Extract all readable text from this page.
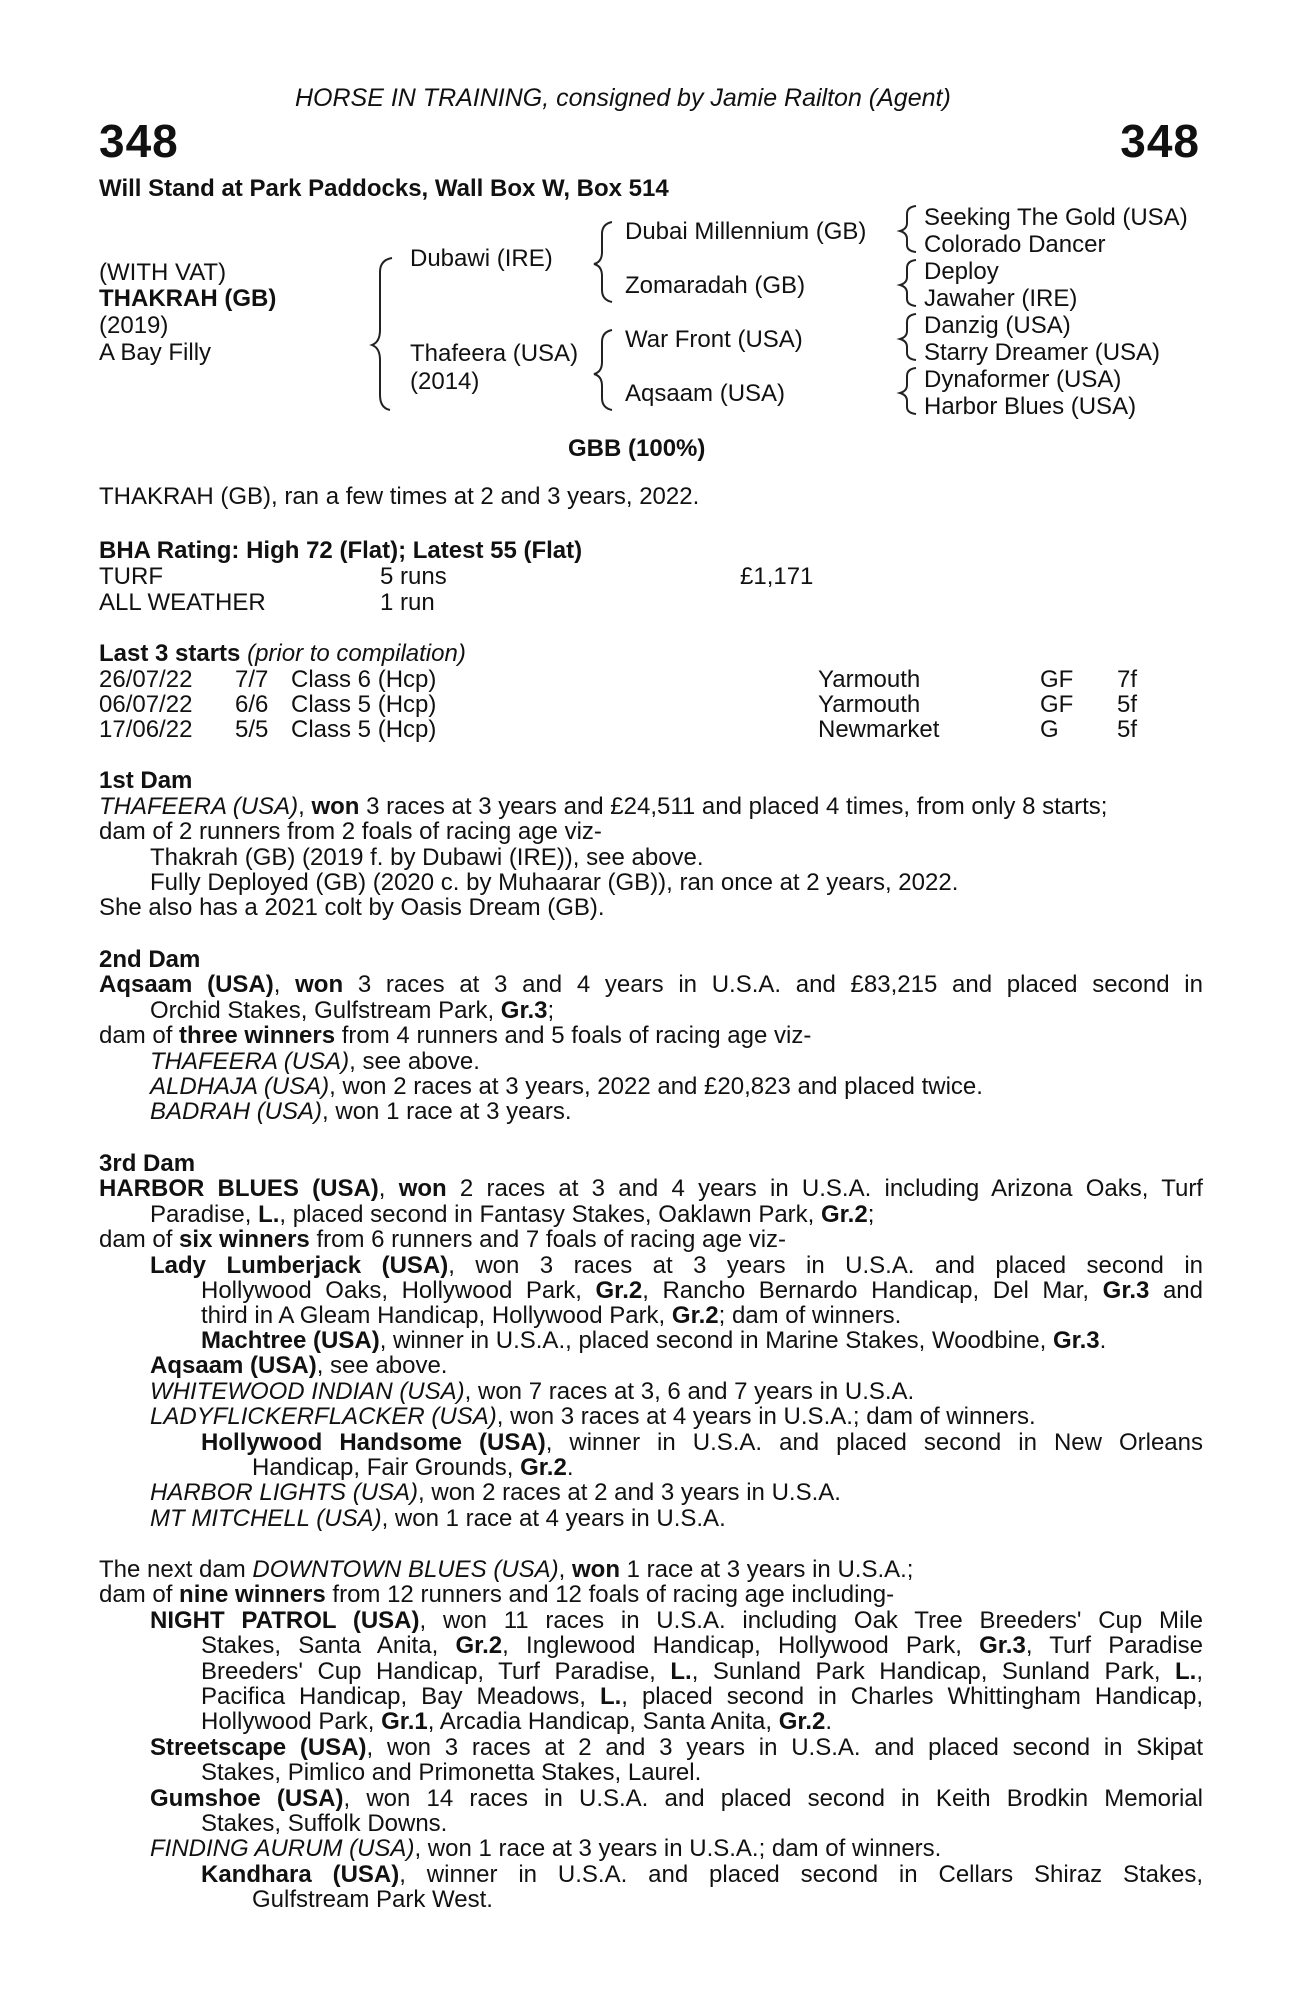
HORSE IN TRAINING, consigned by Jamie Railton (Agent)
348	348
Will Stand at Park Paddocks, Wall Box W, Box 514
(WITH VAT)
THAKRAH (GB)
(2019)
A Bay Filly
Dubawi (IRE)
Thafeera (USA)
(2014)
Dubai Millennium (GB)
Zomaradah (GB)
War Front (USA)
Aqsaam (USA)
Seeking The Gold (USA)
Colorado Dancer
Deploy
Jawaher (IRE)
Danzig (USA)
Starry Dreamer (USA)
Dynaformer (USA)
Harbor Blues (USA)
GBB (100%)
THAKRAH (GB), ran a few times at 2 and 3 years, 2022.
BHA Rating: High 72 (Flat); Latest 55 (Flat)
TURF	5 runs	£1,171
ALL WEATHER	1 run
Last 3 starts (prior to compilation)
26/07/22 7/7 Class 6 (Hcp)	Yarmouth	GF 7f
06/07/22 6/6 Class 5 (Hcp)	Yarmouth	GF 5f
17/06/22 5/5 Class 5 (Hcp)	Newmarket	G 5f
1st Dam
THAFEERA (USA), won 3 races at 3 years and £24,511 and placed 4 times, from only 8 starts;
dam of 2 runners from 2 foals of racing age viz-
Thakrah (GB) (2019 f. by Dubawi (IRE)), see above.
Fully Deployed (GB) (2020 c. by Muhaarar (GB)), ran once at 2 years, 2022.
She also has a 2021 colt by Oasis Dream (GB).
2nd Dam
Aqsaam (USA), won 3 races at 3 and 4 years in U.S.A. and £83,215 and placed second in
Orchid Stakes, Gulfstream Park, Gr.3;
dam of three winners from 4 runners and 5 foals of racing age viz-
THAFEERA (USA), see above.
ALDHAJA (USA), won 2 races at 3 years, 2022 and £20,823 and placed twice.
BADRAH (USA), won 1 race at 3 years.
3rd Dam
HARBOR BLUES (USA), won 2 races at 3 and 4 years in U.S.A. including Arizona Oaks, Turf
Paradise, L., placed second in Fantasy Stakes, Oaklawn Park, Gr.2;
dam of six winners from 6 runners and 7 foals of racing age viz-
Lady Lumberjack (USA), won 3 races at 3 years in U.S.A. and placed second in
Hollywood Oaks, Hollywood Park, Gr.2, Rancho Bernardo Handicap, Del Mar, Gr.3 and
third in A Gleam Handicap, Hollywood Park, Gr.2; dam of winners.
Machtree (USA), winner in U.S.A., placed second in Marine Stakes, Woodbine, Gr.3.
Aqsaam (USA), see above.
WHITEWOOD INDIAN (USA), won 7 races at 3, 6 and 7 years in U.S.A.
LADYFLICKERFLACKER (USA), won 3 races at 4 years in U.S.A.; dam of winners.
Hollywood Handsome (USA), winner in U.S.A. and placed second in New Orleans
Handicap, Fair Grounds, Gr.2.
HARBOR LIGHTS (USA), won 2 races at 2 and 3 years in U.S.A.
MT MITCHELL (USA), won 1 race at 4 years in U.S.A.
The next dam DOWNTOWN BLUES (USA), won 1 race at 3 years in U.S.A.;
dam of nine winners from 12 runners and 12 foals of racing age including-
NIGHT PATROL (USA), won 11 races in U.S.A. including Oak Tree Breeders' Cup Mile
Stakes, Santa Anita, Gr.2, Inglewood Handicap, Hollywood Park, Gr.3, Turf Paradise
Breeders' Cup Handicap, Turf Paradise, L., Sunland Park Handicap, Sunland Park, L.,
Pacifica Handicap, Bay Meadows, L., placed second in Charles Whittingham Handicap,
Hollywood Park, Gr.1, Arcadia Handicap, Santa Anita, Gr.2.
Streetscape (USA), won 3 races at 2 and 3 years in U.S.A. and placed second in Skipat
Stakes, Pimlico and Primonetta Stakes, Laurel.
Gumshoe (USA), won 14 races in U.S.A. and placed second in Keith Brodkin Memorial
Stakes, Suffolk Downs.
FINDING AURUM (USA), won 1 race at 3 years in U.S.A.; dam of winners.
Kandhara (USA), winner in U.S.A. and placed second in Cellars Shiraz Stakes,
Gulfstream Park West.
